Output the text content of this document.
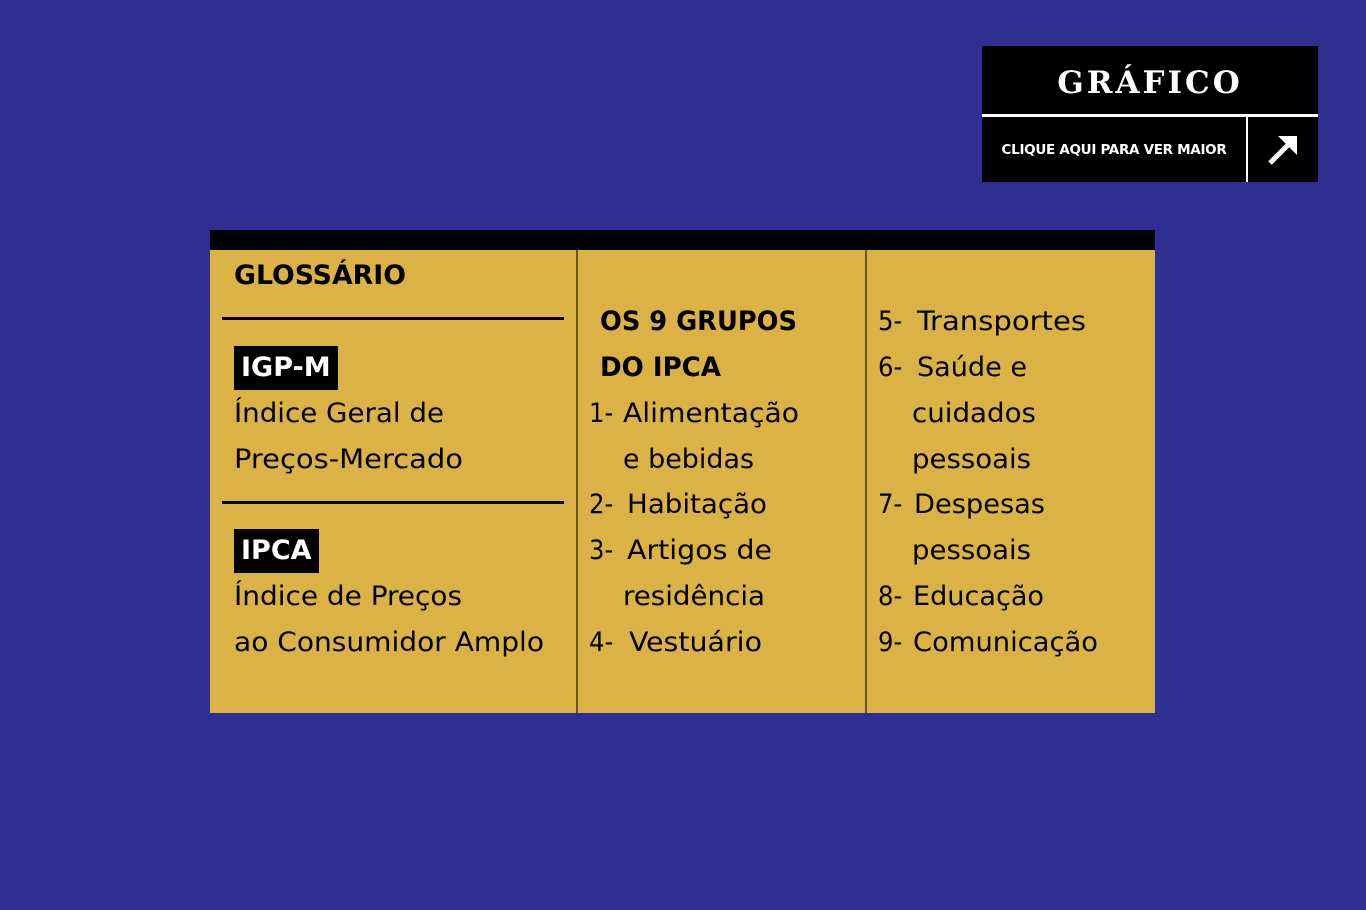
GRÁFICO
CLIQUE AQUI PARA VER MAIOR
GLOSSÁRIO
IGP-M
Índice Geral de
Preços-Mercado
IPCA
Índice de Preços
ao Consumidor Amplo
OS 9 GRUPOS
DO IPCA
1- Alimentação
e bebidas
2- Habitação
3- Artigos de
residência
4- Vestuário
5- Transportes
6- Saúde e
cuidados
pessoais
7- Despesas
pessoais
8- Educação
9- Comunicação
